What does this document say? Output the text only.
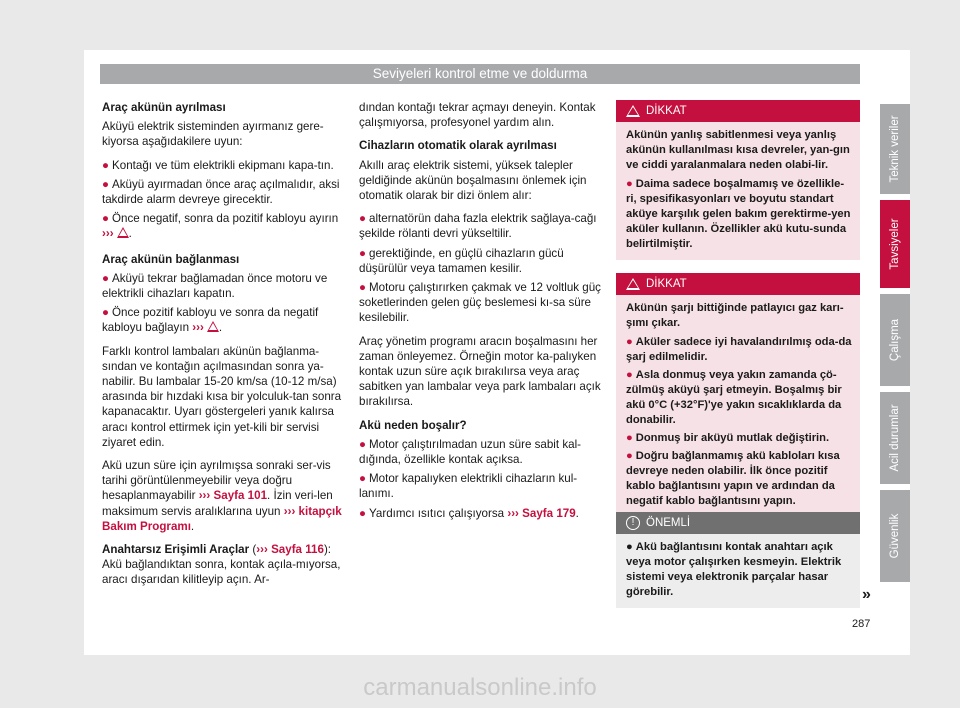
Seviyeleri kontrol etme ve doldurma
Araç akünün ayrılması
Aküyü elektrik sisteminden ayırmanız gere-kiyorsa aşağıdakilere uyun:
● Kontağı ve tüm elektrikli ekipmanı kapa-tın.
● Aküyü ayırmadan önce araç açılmalıdır, aksi takdirde alarm devreye girecektir.
● Önce negatif, sonra da pozitif kabloyu ayırın ››› .
Araç akünün bağlanması
● Aküyü tekrar bağlamadan önce motoru ve elektrikli cihazları kapatın.
● Önce pozitif kabloyu ve sonra da negatif kabloyu bağlayın ››› .
Farklı kontrol lambaları akünün bağlanma-sından ve kontağın açılmasından sonra ya-nabilir. Bu lambalar 15-20 km/sa (10-12 m/sa) arasında bir hızdaki kısa bir yolculuk-tan sonra kapanacaktır. Uyarı göstergeleri yanık kalırsa aracı kontrol ettirmek için yet-kili bir servisi ziyaret edin.
Akü uzun süre için ayrılmışsa sonraki ser-vis tarihi görüntülenmeyebilir veya doğru hesaplanmayabilir ››› Sayfa 101. İzin veri-len maksimum servis aralıklarına uyun ››› kitapçık Bakım Programı.
Anahtarsız Erişimli Araçlar (››› Sayfa 116): Akü bağlandıktan sonra, kontak açıla-mıyorsa, aracı dışarıdan kilitleyip açın. Ar-
dından kontağı tekrar açmayı deneyin. Kontak çalışmıyorsa, profesyonel yardım alın.
Cihazların otomatik olarak ayrılması
Akıllı araç elektrik sistemi, yüksek talepler geldiğinde akünün boşalmasını önlemek için otomatik olarak bir dizi önlem alır:
● alternatörün daha fazla elektrik sağlaya-cağı şekilde rölanti devri yükseltilir.
● gerektiğinde, en güçlü cihazların gücü düşürülür veya tamamen kesilir.
● Motoru çalıştırırken çakmak ve 12 voltluk güç soketlerinden gelen güç beslemesi kı-sa süre kesilebilir.
Araç yönetim programı aracın boşalmasını her zaman önleyemez. Örneğin motor ka-palıyken kontak uzun süre açık bırakılırsa veya araç sabitken yan lambalar veya park lambaları açık bırakılırsa.
Akü neden boşalır?
● Motor çalıştırılmadan uzun süre sabit kal-dığında, özellikle kontak açıksa.
● Motor kapalıyken elektrikli cihazların kul-lanımı.
● Yardımcı ısıtıcı çalışıyorsa ››› Sayfa 179.
DİKKAT
Akünün yanlış sabitlenmesi veya yanlış akünün kullanılması kısa devreler, yan-gın ve ciddi yaralanmalara neden olabi-lir.
● Daima sadece boşalmamış ve özellikle-ri, spesifikasyonları ve boyutu standart aküye karşılık gelen bakım gerektirme-yen aküler kullanın. Özellikler akü kutu-sunda belirtilmiştir.
DİKKAT
Akünün şarjı bittiğinde patlayıcı gaz karı-şımı çıkar.
● Aküler sadece iyi havalandırılmış oda-da şarj edilmelidir.
● Asla donmuş veya yakın zamanda çö-zülmüş aküyü şarj etmeyin. Boşalmış bir akü 0°C (+32°F)'ye yakın sıcaklıklarda da donabilir.
● Donmuş bir aküyü mutlak değiştirin.
● Doğru bağlanmamış akü kabloları kısa devreye neden olabilir. İlk önce pozitif kablo bağlantısını yapın ve ardından da negatif kablo bağlantısını yapın.
!	ÖNEMLİ
● Akü bağlantısını kontak anahtarı açık veya motor çalışırken kesmeyin. Elektrik sistemi veya elektronik parçalar hasar görebilir.	»
Teknik veriler
Tavsiyeler
Çalışma
Acil durumlar
Güvenlik
287
carmanualsonline.info
